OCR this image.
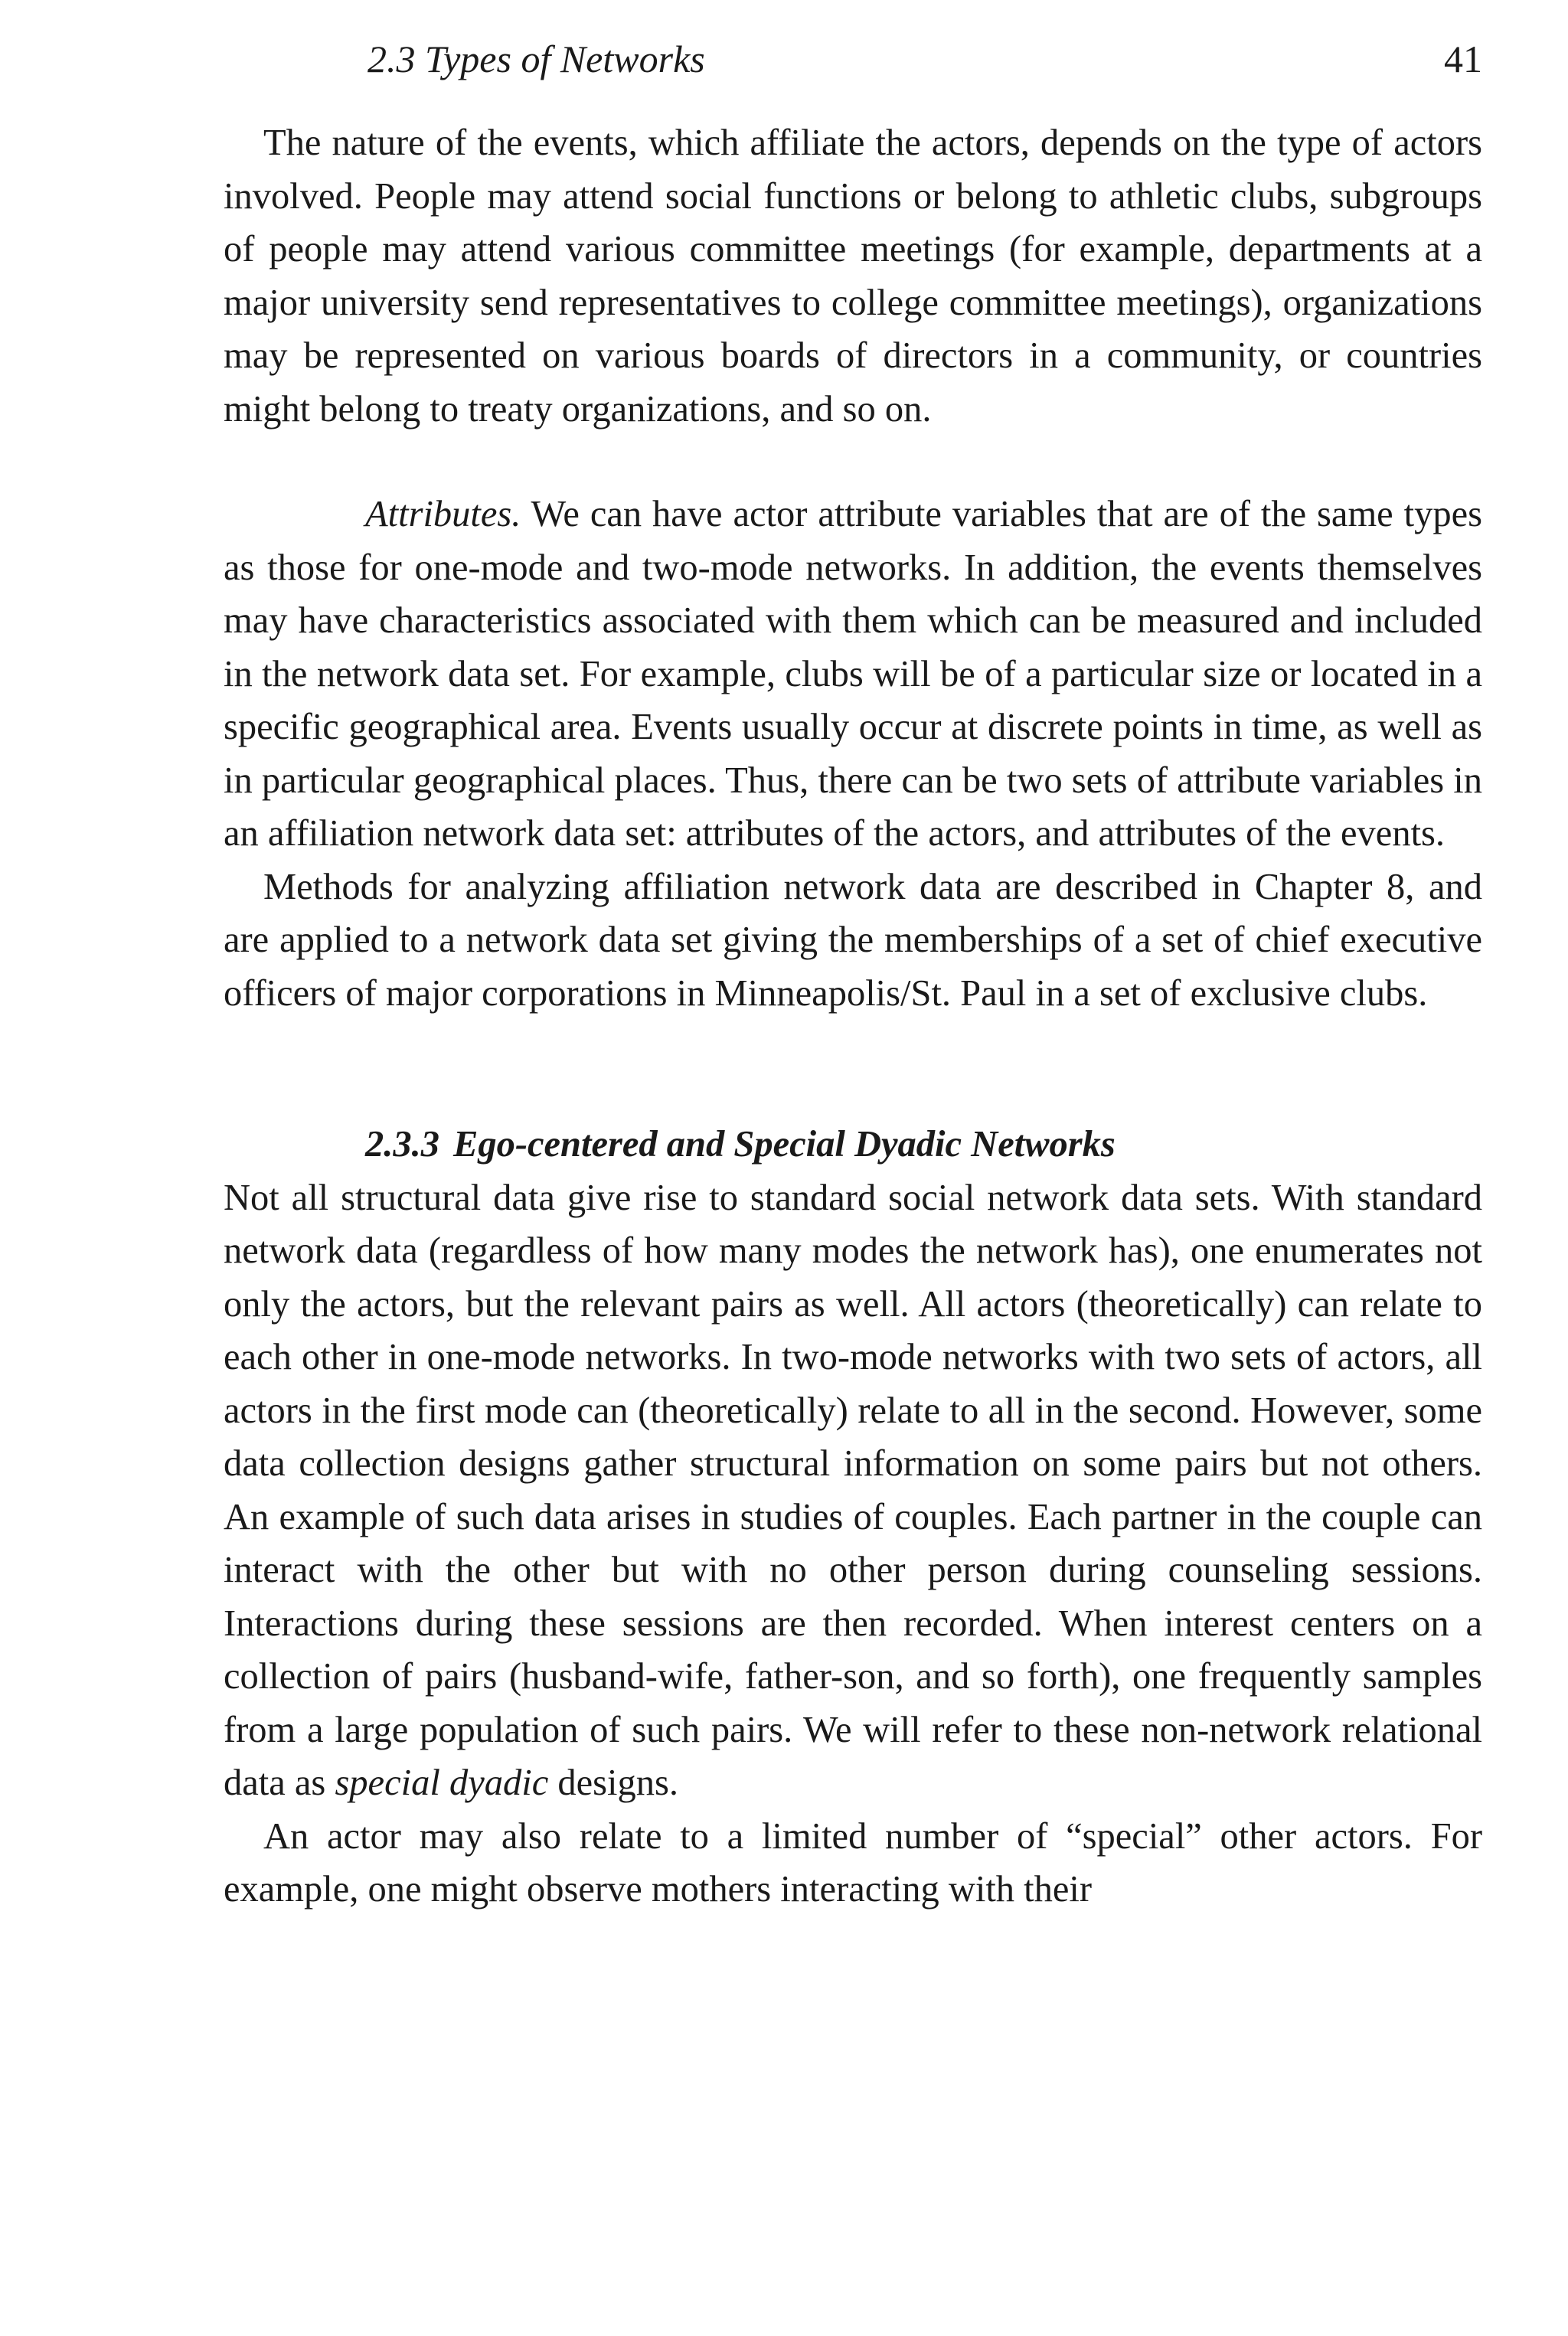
2.3 Types of Networks	41

The nature of the events, which affiliate the actors, depends on the type of actors involved. People may attend social functions or belong to athletic clubs, subgroups of people may attend various committee meetings (for example, departments at a major university send representatives to college committee meetings), organizations may be represented on various boards of directors in a community, or countries might belong to treaty organizations, and so on.

Attributes. We can have actor attribute variables that are of the same types as those for one-mode and two-mode networks. In addition, the events themselves may have characteristics associated with them which can be measured and included in the network data set. For example, clubs will be of a particular size or located in a specific geographical area. Events usually occur at discrete points in time, as well as in particular geographical places. Thus, there can be two sets of attribute variables in an affiliation network data set: attributes of the actors, and attributes of the events.

Methods for analyzing affiliation network data are described in Chapter 8, and are applied to a network data set giving the memberships of a set of chief executive officers of major corporations in Minneapolis/St. Paul in a set of exclusive clubs.

2.3.3 Ego-centered and Special Dyadic Networks

Not all structural data give rise to standard social network data sets. With standard network data (regardless of how many modes the network has), one enumerates not only the actors, but the relevant pairs as well. All actors (theoretically) can relate to each other in one-mode networks. In two-mode networks with two sets of actors, all actors in the first mode can (theoretically) relate to all in the second. However, some data collection designs gather structural information on some pairs but not others. An example of such data arises in studies of couples. Each partner in the couple can interact with the other but with no other person during counseling sessions. Interactions during these sessions are then recorded. When interest centers on a collection of pairs (husband-wife, father-son, and so forth), one frequently samples from a large population of such pairs. We will refer to these non-network relational data as special dyadic designs.

An actor may also relate to a limited number of “special” other actors. For example, one might observe mothers interacting with their
